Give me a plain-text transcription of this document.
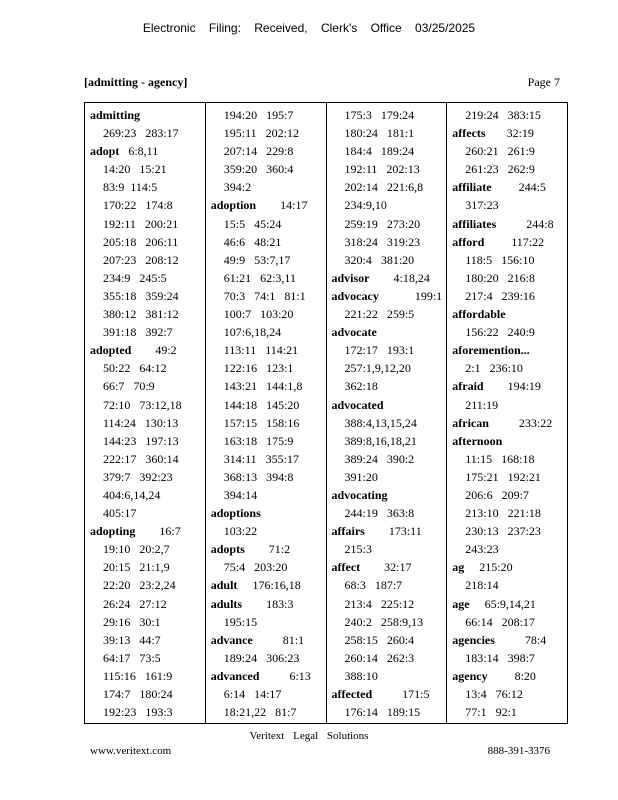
Electronic Filing: Received, Clerk's Office 03/25/2025
[admitting - agency]	Page 7
admitting
269:23   283:17
adopt   6:8,11
14:20   15:21
83:9  114:5
170:22   174:8
192:11   200:21
205:18   206:11
207:23   208:12
234:9   245:5
355:18   359:24
380:12   381:12
391:18   392:7
adopted        49:2
50:22   64:12
66:7   70:9
72:10   73:12,18
114:24   130:13
144:23   197:13
222:17   360:14
379:7   392:23
404:6,14,24
405:17
adopting        16:7
19:10   20:2,7
20:15   21:1,9
22:20   23:2,24
26:24   27:12
29:16   30:1
39:13   44:7
64:17   73:5
115:16   161:9
174:7   180:24
192:23   193:3
194:20   195:7
195:11   202:12
207:14   229:8
359:20   360:4
394:2
adoption        14:17
15:5   45:24
46:6   48:21
49:9   53:7,17
61:21   62:3,11
70:3   74:1   81:1
100:7   103:20
107:6,18,24
113:11   114:21
122:16   123:1
143:21   144:1,8
144:18   145:20
157:15   158:16
163:18   175:9
314:11   355:17
368:13   394:8
394:14
adoptions
103:22
adopts        71:2
75:4   203:20
adult     176:16,18
adults        183:3
195:15
advance          81:1
189:24   306:23
advanced          6:13
6:14   14:17
18:21,22   81:7
175:3   179:24
180:24   181:1
184:4   189:24
192:11   202:13
202:14   221:6,8
234:9,10
259:19   273:20
318:24   319:23
320:4   381:20
advisor        4:18,24
advocacy            199:1
221:22   259:5
advocate
172:17   193:1
257:1,9,12,20
362:18
advocated
388:4,13,15,24
389:8,16,18,21
389:24   390:2
391:20
advocating
244:19   363:8
affairs        173:11
215:3
affect        32:17
68:3   187:7
213:4   225:12
240:2   258:9,13
258:15   260:4
260:14   262:3
388:10
affected          171:5
176:14   189:15
219:24   383:15
affects       32:19
260:21   261:9
261:23   262:9
affiliate         244:5
317:23
affiliates          244:8
afford         117:22
118:5   156:10
180:20   216:8
217:4   239:16
affordable
156:22   240:9
aforemention...
2:1   236:10
afraid        194:19
211:19
african          233:22
afternoon
11:15   168:18
175:21   192:21
206:6   209:7
213:10   221:18
230:13   237:23
243:23
ag     215:20
218:14
age     65:9,14,21
66:14   208:17
agencies          78:4
183:14   398:7
agency         8:20
13:4   76:12
77:1   92:1
Veritext Legal Solutions
www.veritext.com	888-391-3376
